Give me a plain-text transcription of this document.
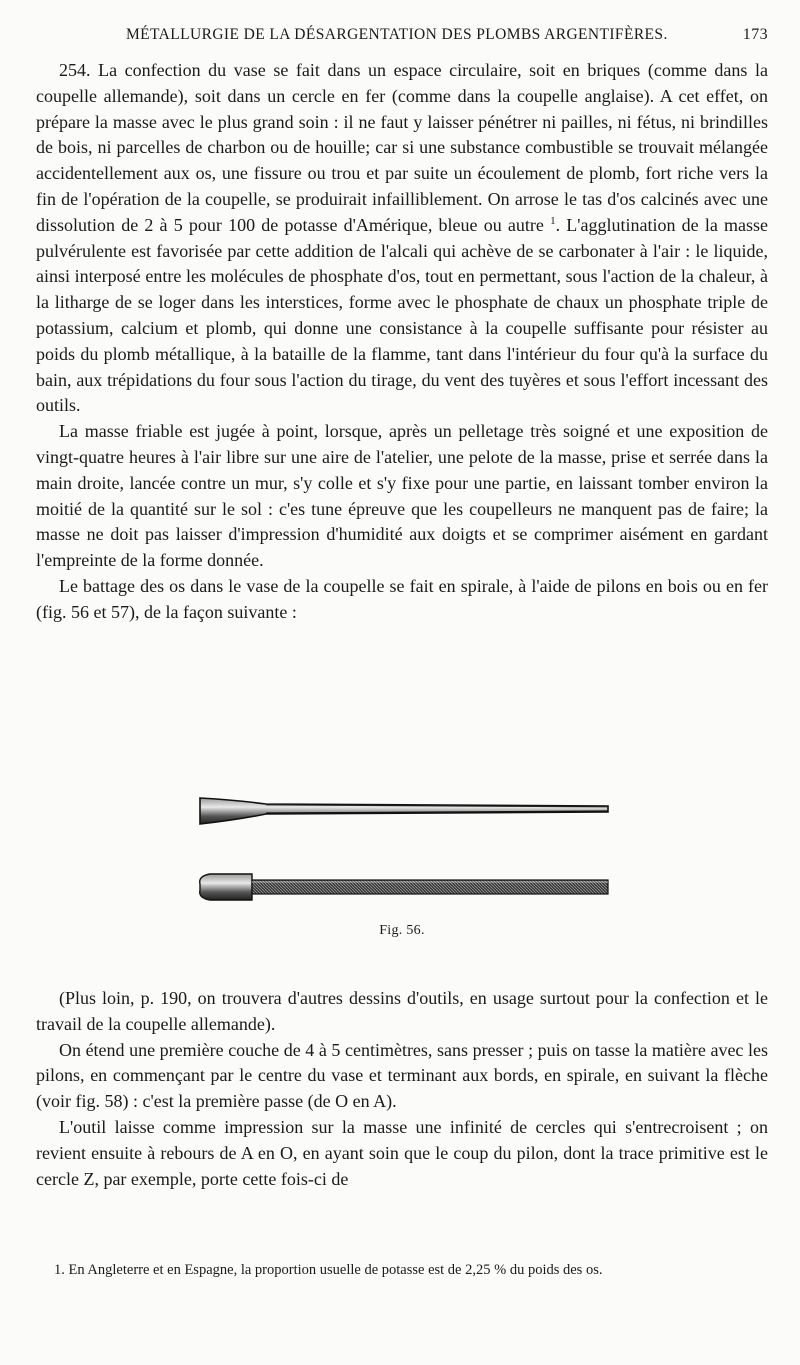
MÉTALLURGIE DE LA DÉSARGENTATION DES PLOMBS ARGENTIFÈRES.	173

254. La confection du vase se fait dans un espace circulaire, soit en briques (comme dans la coupelle allemande), soit dans un cercle en fer (comme dans la coupelle anglaise). A cet effet, on prépare la masse avec le plus grand soin : il ne faut y laisser pénétrer ni pailles, ni fétus, ni brindilles de bois, ni parcelles de charbon ou de houille; car si une substance combustible se trouvait mélangée accidentellement aux os, une fissure ou trou et par suite un écoulement de plomb, fort riche vers la fin de l'opération de la coupelle, se produirait infailliblement. On arrose le tas d'os calcinés avec une dissolution de 2 à 5 pour 100 de potasse d'Amérique, bleue ou autre $^1$. L'agglutination de la masse pulvérulente est favorisée par cette addition de l'alcali qui achève de se carbonater à l'air : le liquide, ainsi interposé entre les molécules de phosphate d'os, tout en permettant, sous l'action de la chaleur, à la litharge de se loger dans les interstices, forme avec le phosphate de chaux un phosphate triple de potassium, calcium et plomb, qui donne une consistance à la coupelle suffisante pour résister au poids du plomb métallique, à la bataille de la flamme, tant dans l'intérieur du four qu'à la surface du bain, aux trépidations du four sous l'action du tirage, du vent des tuyères et sous l'effort incessant des outils.

La masse friable est jugée à point, lorsque, après un pelletage très soigné et une exposition de vingt-quatre heures à l'air libre sur une aire de l'atelier, une pelote de la masse, prise et serrée dans la main droite, lancée contre un mur, s'y colle et s'y fixe pour une partie, en laissant tomber environ la moitié de la quantité sur le sol : c'es tune épreuve que les coupelleurs ne manquent pas de faire; la masse ne doit pas laisser d'impression d'humidité aux doigts et se comprimer aisément en gardant l'empreinte de la forme donnée.

Le battage des os dans le vase de la coupelle se fait en spirale, à l'aide de pilons en bois ou en fer (fig. 56 et 57), de la façon suivante :

Fig. 56.

(Plus loin, p. 190, on trouvera d'autres dessins d'outils, en usage surtout pour la confection et le travail de la coupelle allemande).

On étend une première couche de 4 à 5 centimètres, sans presser ; puis on tasse la matière avec les pilons, en commençant par le centre du vase et terminant aux bords, en spirale, en suivant la flèche (voir fig. 58) : c'est la première passe (de O en A).

L'outil laisse comme impression sur la masse une infinité de cercles qui s'entrecroisent ; on revient ensuite à rebours de A en O, en ayant soin que le coup du pilon, dont la trace primitive est le cercle Z, par exemple, porte cette fois-ci de

1. En Angleterre et en Espagne, la proportion usuelle de potasse est de 2,25 % du poids des os.
